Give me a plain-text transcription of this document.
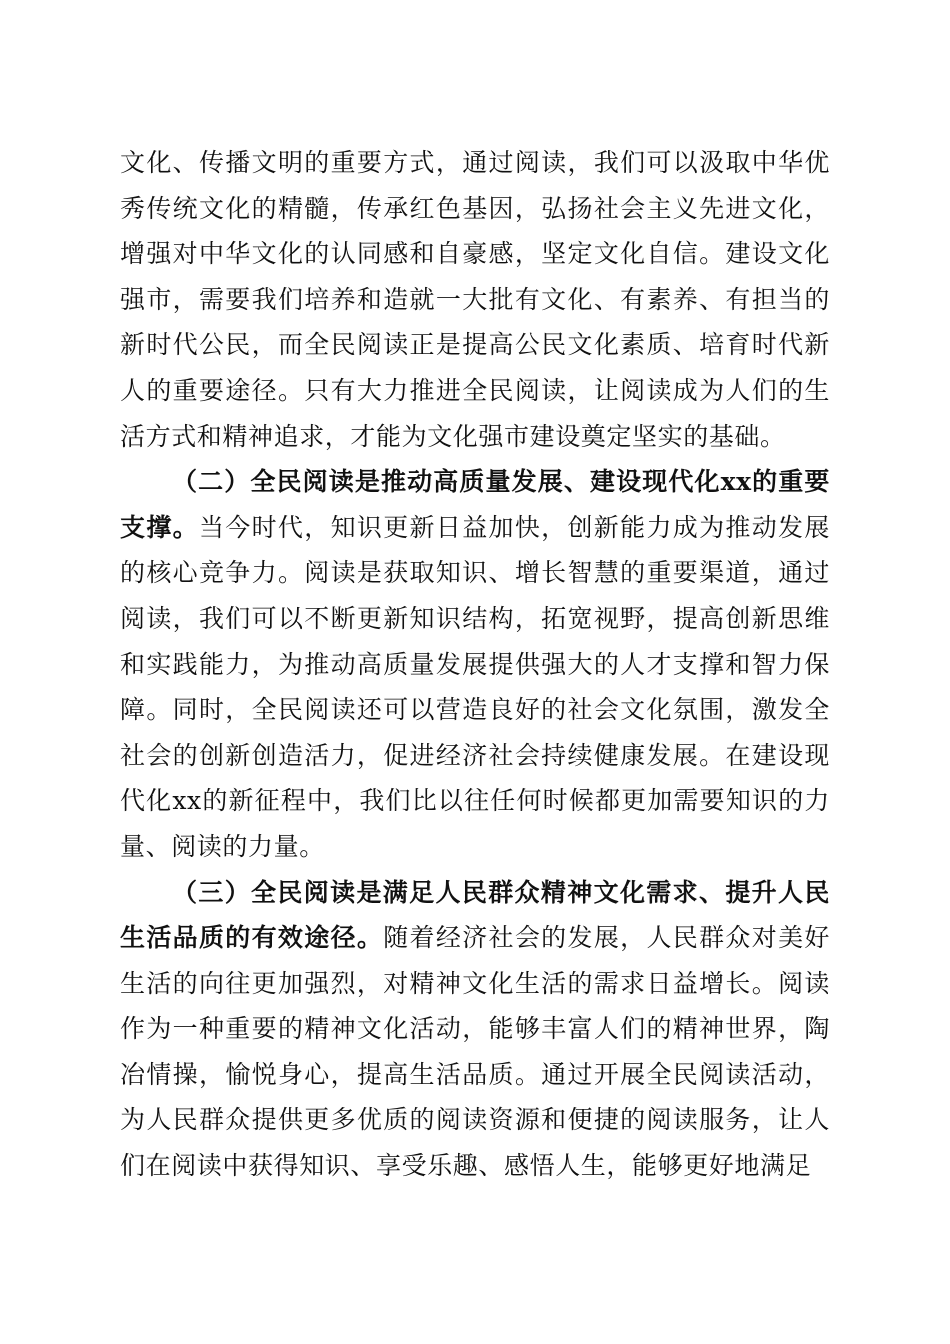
文化、传播文明的重要方式，通过阅读，我们可以汲取中华优秀传统文化的精髓，传承红色基因，弘扬社会主义先进文化，增强对中华文化的认同感和自豪感，坚定文化自信。建设文化强市，需要我们培养和造就一大批有文化、有素养、有担当的新时代公民，而全民阅读正是提高公民文化素质、培育时代新人的重要途径。只有大力推进全民阅读，让阅读成为人们的生活方式和精神追求，才能为文化强市建设奠定坚实的基础。

（二）全民阅读是推动高质量发展、建设现代化xx的重要支撑。当今时代，知识更新日益加快，创新能力成为推动发展的核心竞争力。阅读是获取知识、增长智慧的重要渠道，通过阅读，我们可以不断更新知识结构，拓宽视野，提高创新思维和实践能力，为推动高质量发展提供强大的人才支撑和智力保障。同时，全民阅读还可以营造良好的社会文化氛围，激发全社会的创新创造活力，促进经济社会持续健康发展。在建设现代化xx的新征程中，我们比以往任何时候都更加需要知识的力量、阅读的力量。

（三）全民阅读是满足人民群众精神文化需求、提升人民生活品质的有效途径。随着经济社会的发展，人民群众对美好生活的向往更加强烈，对精神文化生活的需求日益增长。阅读作为一种重要的精神文化活动，能够丰富人们的精神世界，陶冶情操，愉悦身心，提高生活品质。通过开展全民阅读活动，为人民群众提供更多优质的阅读资源和便捷的阅读服务，让人们在阅读中获得知识、享受乐趣、感悟人生，能够更好地满足
